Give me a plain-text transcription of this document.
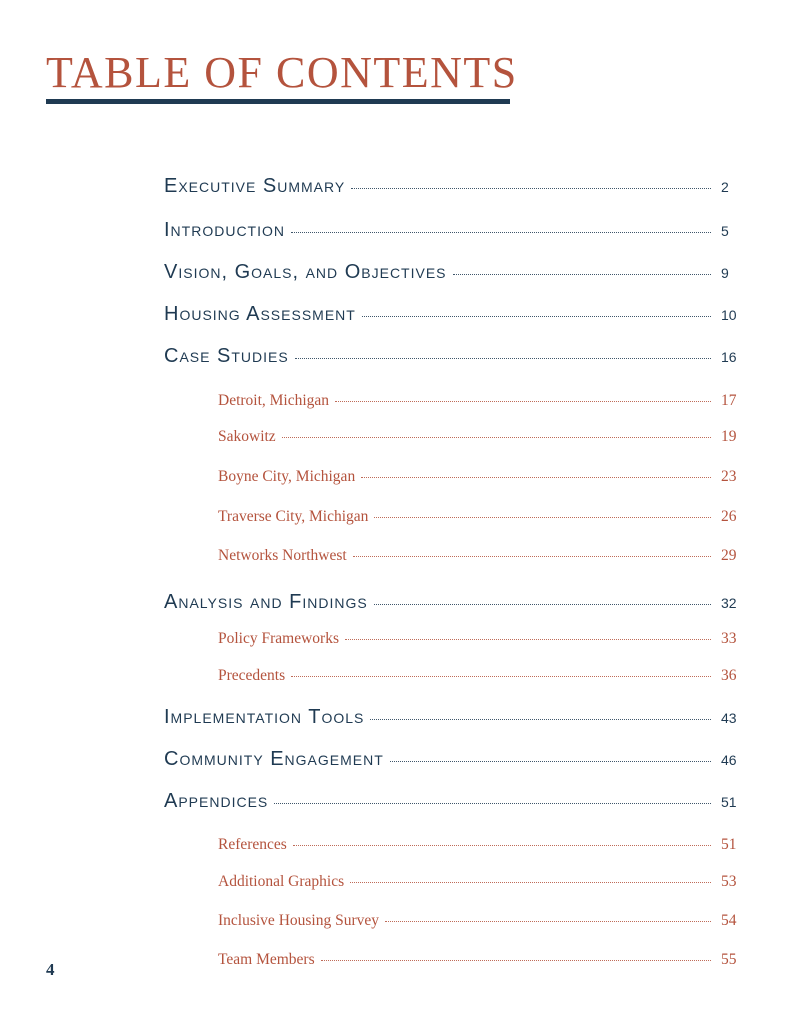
TABLE OF CONTENTS
Executive Summary	2
Introduction	5
Vision, Goals, and Objectives	9
Housing Assessment	10
Case Studies	16
Detroit, Michigan	17
Sakowitz	19
Boyne City, Michigan	23
Traverse City, Michigan	26
Networks Northwest	29
Analysis and Findings	32
Policy Frameworks	33
Precedents	36
Implementation Tools	43
Community Engagement	46
Appendices	51
References	51
Additional Graphics	53
Inclusive Housing Survey	54
Team Members	55
4
